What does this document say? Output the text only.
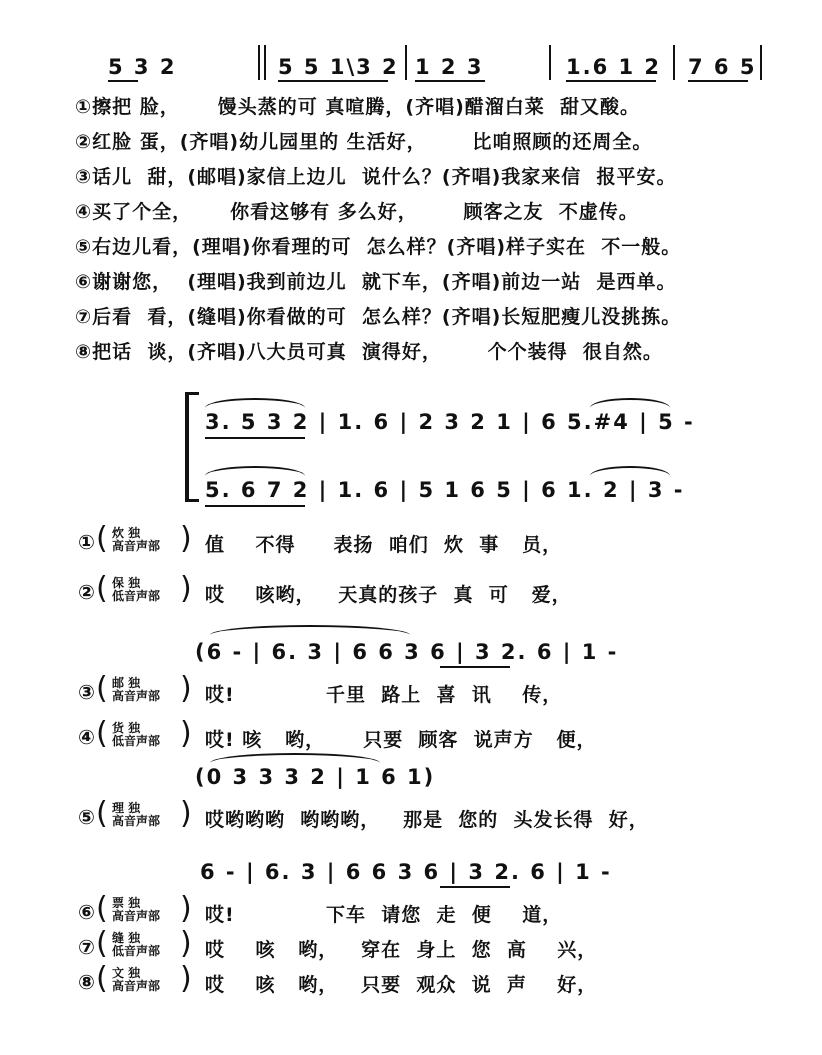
5 3 2	5 5 1\3 2 1 2 3	1.6 1 2 7 6 5
①擦把 脸，     馒头蒸的可 真喧腾，(齐唱)醋溜白菜  甜又酸。
②红脸 蛋，(齐唱)幼儿园里的 生活好，      比咱照顾的还周全。
③话儿  甜，(邮唱)家信上边儿  说什么？(齐唱)我家来信  报平安。
④买了个全，     你看这够有 多么好，      顾客之友  不虚传。
⑤右边儿看，(理唱)你看理的可  怎么样？(齐唱)样子实在  不一般。
⑥谢谢您，  (理唱)我到前边儿  就下车，(齐唱)前边一站  是西单。
⑦后看  看，(缝唱)你看做的可  怎么样？(齐唱)长短肥瘦儿没挑拣。
⑧把话  谈，(齐唱)八大员可真  演得好，      个个装得  很自然。
3. 5 3 2 | 1. 6 | 2 3 2 1 | 6 5.#4 | 5 -
5. 6 7 2 | 1. 6 | 5 1 6 5 | 6 1. 2 | 3 -
① ( 炊 独
高音声部 ) 值    不得     表扬  咱们  炊  事   员，
② ( 保 独
低音声部 ) 哎    咳哟，   天真的孩子  真  可   爱，
(6 - | 6. 3 | 6 6 3 6 | 3 2. 6 | 1 -
③ ( 邮 独
高音声部 ) 哎!            千里  路上  喜  讯    传，
④ ( 货 独
低音声部 ) 哎! 咳   哟，     只要  顾客  说声方   便，
(0 3 3 3 2 | 1 6 1)
⑤ ( 理 独
高音声部 ) 哎哟哟哟  哟哟哟，   那是  您的  头发长得  好，
6 - | 6. 3 | 6 6 3 6 | 3 2. 6 | 1 -
⑥ ( 票 独
高音声部 ) 哎!            下车  请您  走  便    道，
⑦ ( 缝 独
低音声部 ) 哎    咳   哟，   穿在  身上  您  高    兴，
⑧ ( 文 独
高音声部 ) 哎    咳   哟，   只要  观众  说  声    好，
